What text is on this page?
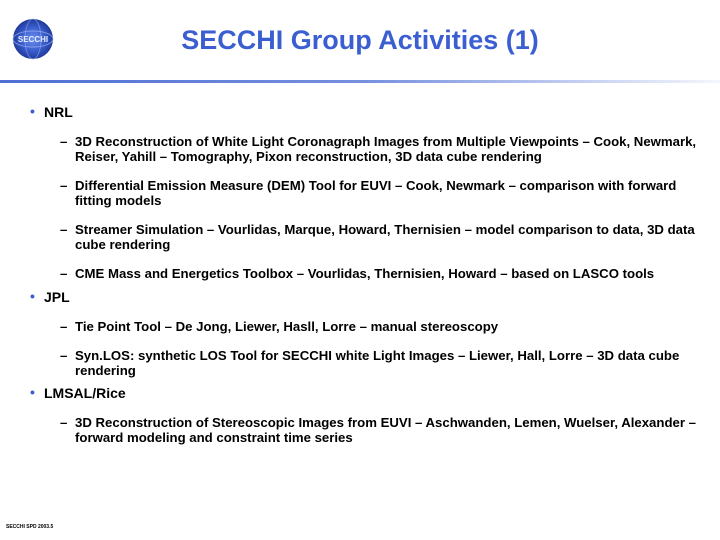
SECCHI	SECCHI Group Activities (1)
• NRL
– 3D Reconstruction of White Light Coronagraph Images from Multiple Viewpoints – Cook, Newmark, Reiser, Yahill – Tomography, Pixon reconstruction, 3D data cube rendering
– Differential Emission Measure (DEM) Tool for EUVI – Cook, Newmark – comparison with forward fitting models
– Streamer Simulation – Vourlidas, Marque, Howard, Thernisien – model comparison to data, 3D data cube rendering
– CME Mass and Energetics Toolbox – Vourlidas, Thernisien, Howard – based on LASCO tools
• JPL
– Tie Point Tool – De Jong, Liewer, Hasll, Lorre – manual stereoscopy
– Syn.LOS: synthetic LOS Tool for SECCHI white Light Images – Liewer, Hall, Lorre – 3D data cube rendering
• LMSAL/Rice
– 3D Reconstruction of Stereoscopic Images from EUVI – Aschwanden, Lemen, Wuelser, Alexander – forward modeling and constraint time series
SECCHI SPD 2003.5
